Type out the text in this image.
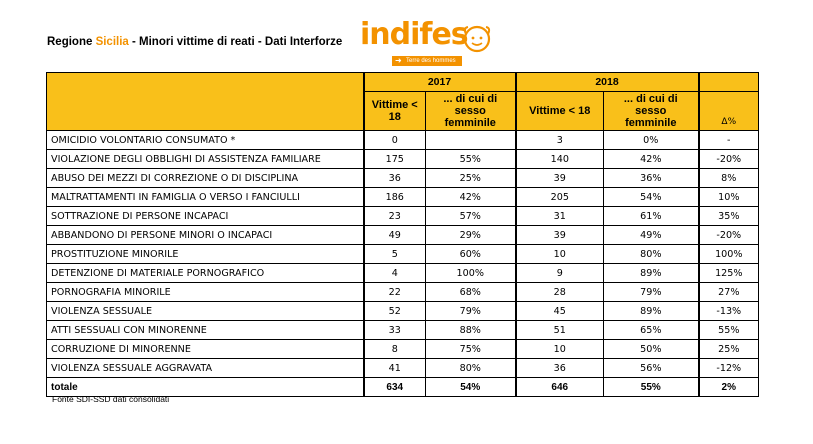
Regione Sicilia - Minori vittime di reati - Dati Interforze indifes
➜ Terre des hommes
	2017		2018		
	Vittime < 18	... di cui di sesso femminile	Vittime < 18	... di cui di sesso femminile	Δ%
OMICIDIO VOLONTARIO CONSUMATO *	0		3	0%	-
VIOLAZIONE DEGLI OBBLIGHI DI ASSISTENZA FAMILIARE	175	55%	140	42%	-20%
ABUSO DEI MEZZI DI CORREZIONE O DI DISCIPLINA	36	25%	39	36%	8%
MALTRATTAMENTI IN FAMIGLIA O VERSO I FANCIULLI	186	42%	205	54%	10%
SOTTRAZIONE DI PERSONE INCAPACI	23	57%	31	61%	35%
ABBANDONO DI PERSONE MINORI O INCAPACI	49	29%	39	49%	-20%
PROSTITUZIONE MINORILE	5	60%	10	80%	100%
DETENZIONE DI MATERIALE PORNOGRAFICO	4	100%	9	89%	125%
PORNOGRAFIA MINORILE	22	68%	28	79%	27%
VIOLENZA SESSUALE	52	79%	45	89%	-13%
ATTI SESSUALI CON MINORENNE	33	88%	51	65%	55%
CORRUZIONE DI MINORENNE	8	75%	10	50%	25%
VIOLENZA SESSUALE AGGRAVATA	41	80%	36	56%	-12%
totale	634	54%	646	55%	2%
Fonte SDI-SSD dati consolidati
